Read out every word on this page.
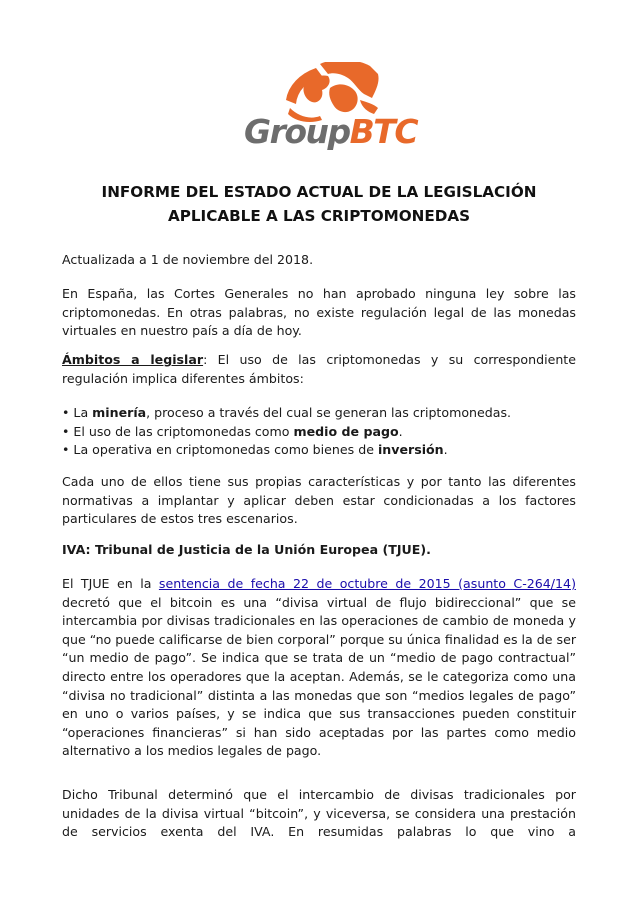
GroupBTC
INFORME DEL ESTADO ACTUAL DE LA LEGISLACIÓN
APLICABLE A LAS CRIPTOMONEDAS

Actualizada a 1 de noviembre del 2018.

En España, las Cortes Generales no han aprobado ninguna ley sobre las criptomonedas. En otras palabras, no existe regulación legal de las monedas virtuales en nuestro país a día de hoy.

Ámbitos a legislar: El uso de las criptomonedas y su correspondiente regulación implica diferentes ámbitos:

• La minería, proceso a través del cual se generan las criptomonedas.
• El uso de las criptomonedas como medio de pago.
• La operativa en criptomonedas como bienes de inversión.

Cada uno de ellos tiene sus propias características y por tanto las diferentes normativas a implantar y aplicar deben estar condicionadas a los factores particulares de estos tres escenarios.

IVA: Tribunal de Justicia de la Unión Europea (TJUE).

El TJUE en la sentencia de fecha 22 de octubre de 2015 (asunto C-264/14) decretó que el bitcoin es una “divisa virtual de flujo bidireccional” que se intercambia por divisas tradicionales en las operaciones de cambio de moneda y que “no puede calificarse de bien corporal” porque su única finalidad es la de ser “un medio de pago”. Se indica que se trata de un “medio de pago contractual” directo entre los operadores que la aceptan. Además, se le categoriza como una “divisa no tradicional” distinta a las monedas que son “medios legales de pago” en uno o varios países, y se indica que sus transacciones pueden constituir “operaciones financieras” si han sido aceptadas por las partes como medio alternativo a los medios legales de pago.

Dicho Tribunal determinó que el intercambio de divisas tradicionales por unidades de la divisa virtual “bitcoin”, y viceversa, se considera una prestación de servicios exenta del IVA. En resumidas palabras lo que vino a
